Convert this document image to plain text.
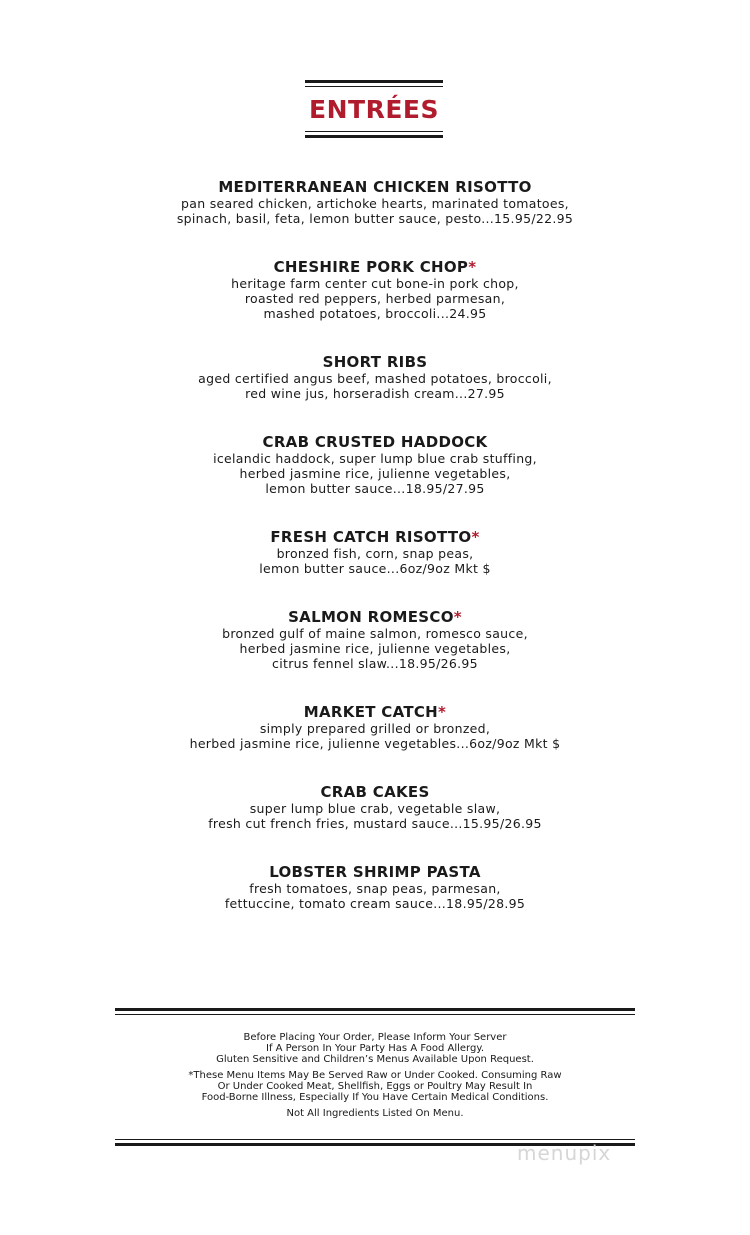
ENTRÉES
MEDITERRANEAN CHICKEN RISOTTO
pan seared chicken, artichoke hearts, marinated tomatoes,
spinach, basil, feta, lemon butter sauce, pesto...15.95/22.95
CHESHIRE PORK CHOP*
heritage farm center cut bone-in pork chop,
roasted red peppers, herbed parmesan,
mashed potatoes, broccoli...24.95
SHORT RIBS
aged certified angus beef, mashed potatoes, broccoli,
red wine jus, horseradish cream...27.95
CRAB CRUSTED HADDOCK
icelandic haddock, super lump blue crab stuffing,
herbed jasmine rice, julienne vegetables,
lemon butter sauce...18.95/27.95
FRESH CATCH RISOTTO*
bronzed fish, corn, snap peas,
lemon butter sauce...6oz/9oz Mkt $
SALMON ROMESCO*
bronzed gulf of maine salmon, romesco sauce,
herbed jasmine rice, julienne vegetables,
citrus fennel slaw...18.95/26.95
MARKET CATCH*
simply prepared grilled or bronzed,
herbed jasmine rice, julienne vegetables...6oz/9oz Mkt $
CRAB CAKES
super lump blue crab, vegetable slaw,
fresh cut french fries, mustard sauce...15.95/26.95
LOBSTER SHRIMP PASTA
fresh tomatoes, snap peas, parmesan,
fettuccine, tomato cream sauce...18.95/28.95
Before Placing Your Order, Please Inform Your Server
If A Person In Your Party Has A Food Allergy.
Gluten Sensitive and Children’s Menus Available Upon Request.
*These Menu Items May Be Served Raw or Under Cooked. Consuming Raw
Or Under Cooked Meat, Shellfish, Eggs or Poultry May Result In
Food-Borne Illness, Especially If You Have Certain Medical Conditions.
Not All Ingredients Listed On Menu.
menupix
